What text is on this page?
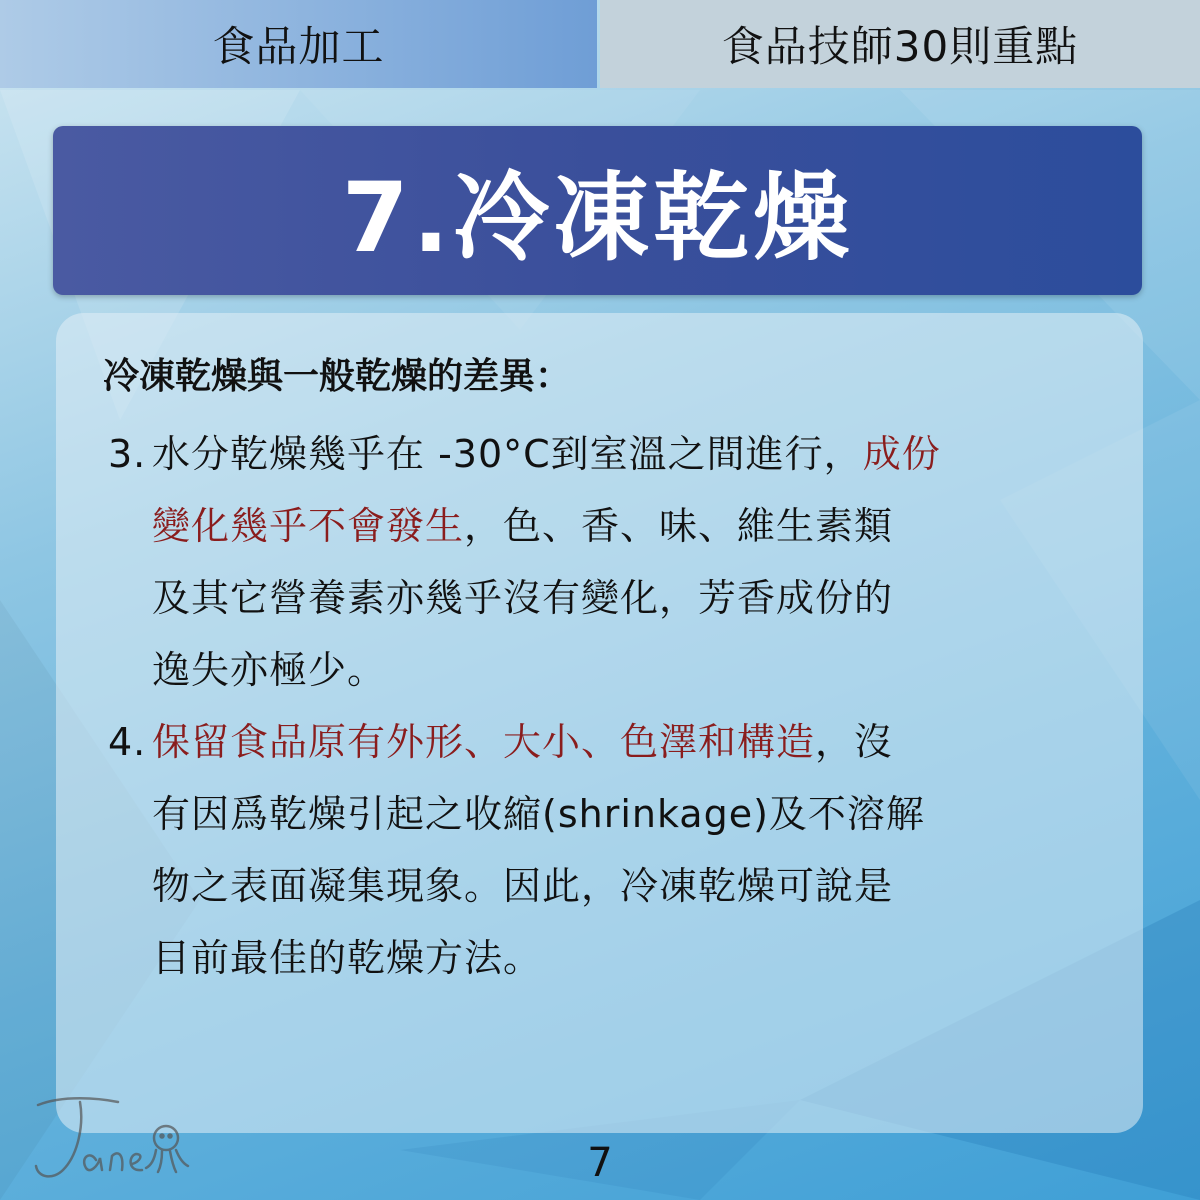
食品加工	食品技師30則重點
7.冷凍乾燥
冷凍乾燥與一般乾燥的差異：
3. 水分乾燥幾乎在 -30°C到室溫之間進行，成份
變化幾乎不會發生，色、香、味、維生素類
及其它營養素亦幾乎沒有變化，芳香成份的
逸失亦極少。
4. 保留食品原有外形、大小、色澤和構造，沒
有因爲乾燥引起之收縮(shrinkage)及不溶解
物之表面凝集現象。因此，冷凍乾燥可說是
目前最佳的乾燥方法。
7
